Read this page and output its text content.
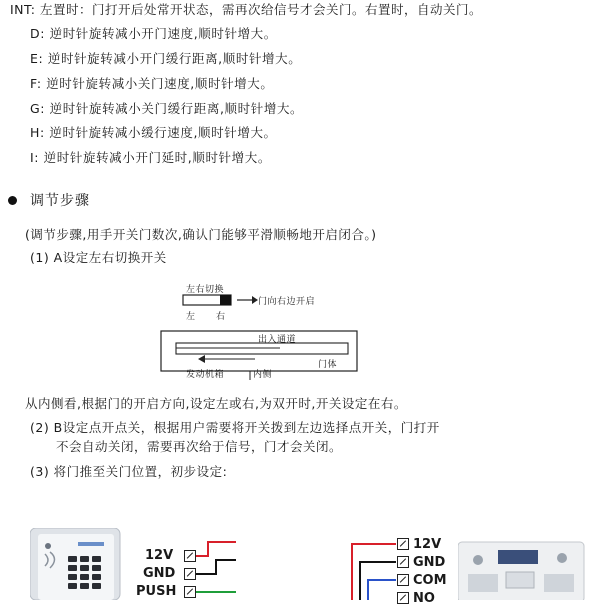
INT: 左置时：门打开后处常开状态，需再次给信号才会关门。右置时，自动关门。
D: 逆时针旋转减小开门速度,顺时针增大。
E: 逆时针旋转减小开门缓行距离,顺时针增大。
F: 逆时针旋转减小关门速度,顺时针增大。
G: 逆时针旋转减小关门缓行距离,顺时针增大。
H: 逆时针旋转减小缓行速度,顺时针增大。
I: 逆时针旋转减小开门延时,顺时针增大。
调节步骤
(调节步骤,用手开关门数次,确认门能够平滑顺畅地开启闭合。)
(1) A设定左右切换开关
左右切换
门向右边开启
左 右
出入通道
门体
发动机箱	内侧
从内侧看,根据门的开启方向,设定左或右,为双开时,开关设定在右。
(2) B设定点开点关，根据用户需要将开关拨到左边选择点开关，门打开
不会自动关闭，需要再次给于信号，门才会关闭。
(3) 将门推至关门位置，初步设定:
12V
GND
PUSH
12V
GND
COM
NO
